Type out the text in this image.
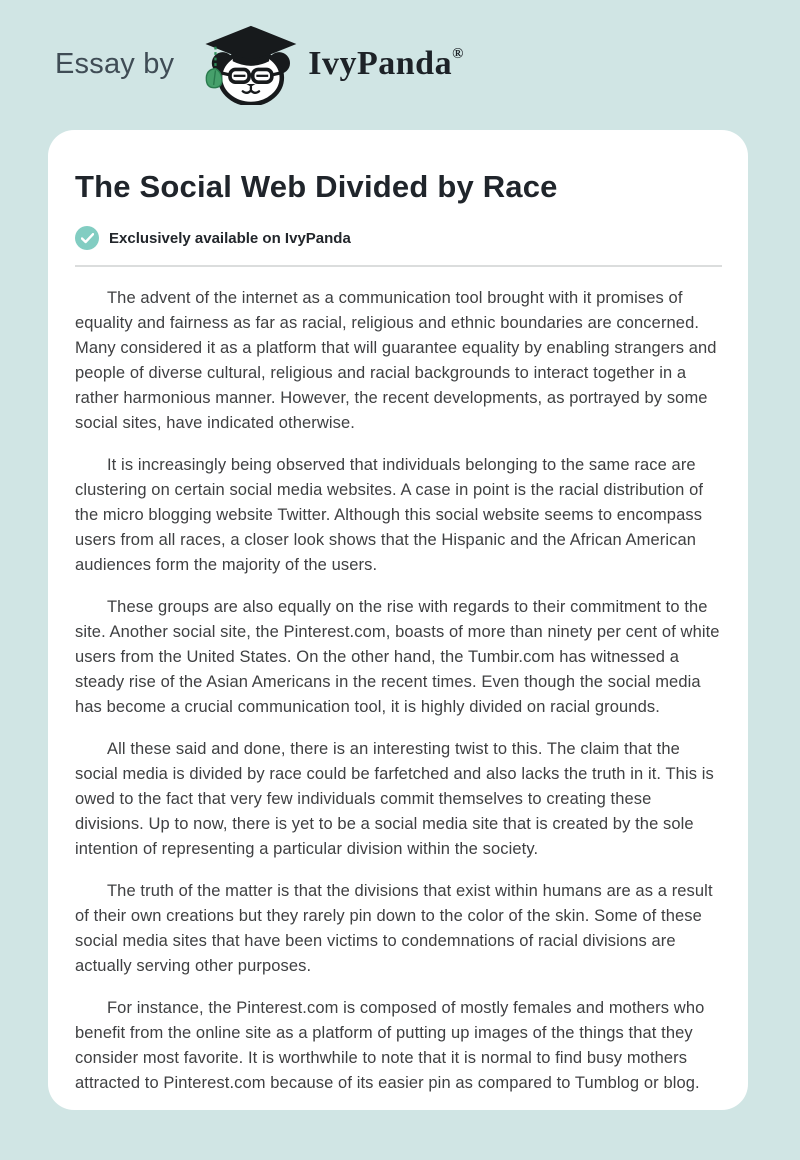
Essay by	IvyPanda®
The Social Web Divided by Race
Exclusively available on IvyPanda

The advent of the internet as a communication tool brought with it promises of equality and fairness as far as racial, religious and ethnic boundaries are concerned. Many considered it as a platform that will guarantee equality by enabling strangers and people of diverse cultural, religious and racial backgrounds to interact together in a rather harmonious manner. However, the recent developments, as portrayed by some social sites, have indicated otherwise.

It is increasingly being observed that individuals belonging to the same race are clustering on certain social media websites. A case in point is the racial distribution of the micro blogging website Twitter. Although this social website seems to encompass users from all races, a closer look shows that the Hispanic and the African American audiences form the majority of the users.

These groups are also equally on the rise with regards to their commitment to the site. Another social site, the Pinterest.com, boasts of more than ninety per cent of white users from the United States. On the other hand, the Tumbir.com has witnessed a steady rise of the Asian Americans in the recent times. Even though the social media has become a crucial communication tool, it is highly divided on racial grounds.

All these said and done, there is an interesting twist to this. The claim that the social media is divided by race could be farfetched and also lacks the truth in it. This is owed to the fact that very few individuals commit themselves to creating these divisions. Up to now, there is yet to be a social media site that is created by the sole intention of representing a particular division within the society.

The truth of the matter is that the divisions that exist within humans are as a result of their own creations but they rarely pin down to the color of the skin. Some of these social media sites that have been victims to condemnations of racial divisions are actually serving other purposes.

For instance, the Pinterest.com is composed of mostly females and mothers who benefit from the online site as a platform of putting up images of the things that they consider most favorite. It is worthwhile to note that it is normal to find busy mothers attracted to Pinterest.com because of its easier pin as compared to Tumblog or blog.
